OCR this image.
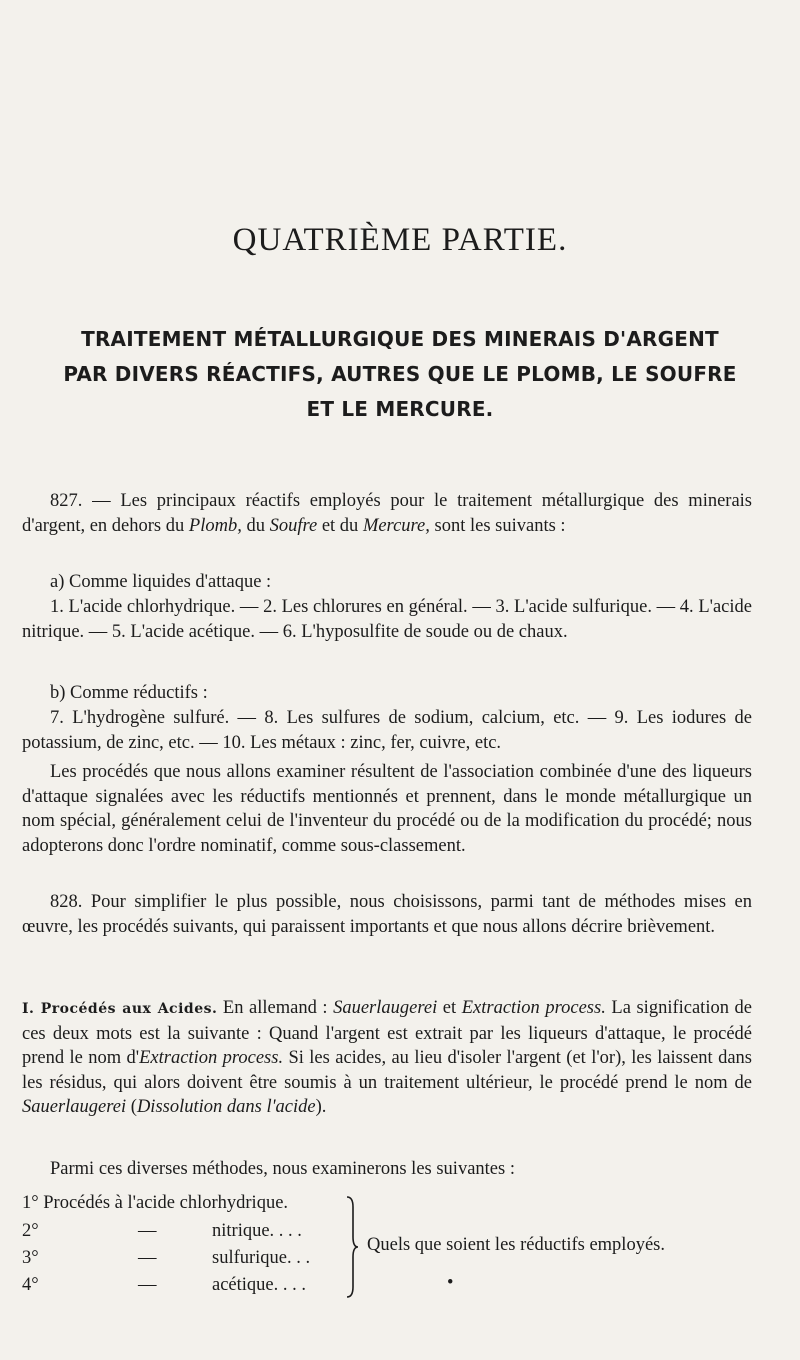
QUATRIÈME PARTIE.
TRAITEMENT MÉTALLURGIQUE DES MINERAIS D'ARGENT
PAR DIVERS RÉACTIFS, AUTRES QUE LE PLOMB, LE SOUFRE
ET LE MERCURE.

827. — Les principaux réactifs employés pour le traitement métallurgique des minerais d'argent, en dehors du Plomb, du Soufre et du Mercure, sont les suivants :

a) Comme liquides d'attaque :

1. L'acide chlorhydrique. — 2. Les chlorures en général. — 3. L'acide sulfurique. — 4. L'acide nitrique. — 5. L'acide acétique. — 6. L'hyposulfite de soude ou de chaux.

b) Comme réductifs :

7. L'hydrogène sulfuré. — 8. Les sulfures de sodium, calcium, etc. — 9. Les iodures de potassium, de zinc, etc. — 10. Les métaux : zinc, fer, cuivre, etc.

Les procédés que nous allons examiner résultent de l'association combinée d'une des liqueurs d'attaque signalées avec les réductifs mentionnés et prennent, dans le monde métallurgique un nom spécial, généralement celui de l'inventeur du procédé ou de la modification du procédé; nous adopterons donc l'ordre nominatif, comme sous-classement.

828. Pour simplifier le plus possible, nous choisissons, parmi tant de méthodes mises en œuvre, les procédés suivants, qui paraissent importants et que nous allons décrire brièvement.

I. Procédés aux Acides. En allemand : Sauerlaugerei et Extraction process. La signification de ces deux mots est la suivante : Quand l'argent est extrait par les liqueurs d'attaque, le procédé prend le nom d'Extraction process. Si les acides, au lieu d'isoler l'argent (et l'or), les laissent dans les résidus, qui alors doivent être soumis à un traitement ultérieur, le procédé prend le nom de Sauerlaugerei (Dissolution dans l'acide).

Parmi ces diverses méthodes, nous examinerons les suivantes :

1° Procédés à l'acide chlorhydrique.
2°	—	nitrique. . . .
3°	—	sulfurique. . .
4°	—	acétique. . . .
Quels que soient les réductifs employés.
•
